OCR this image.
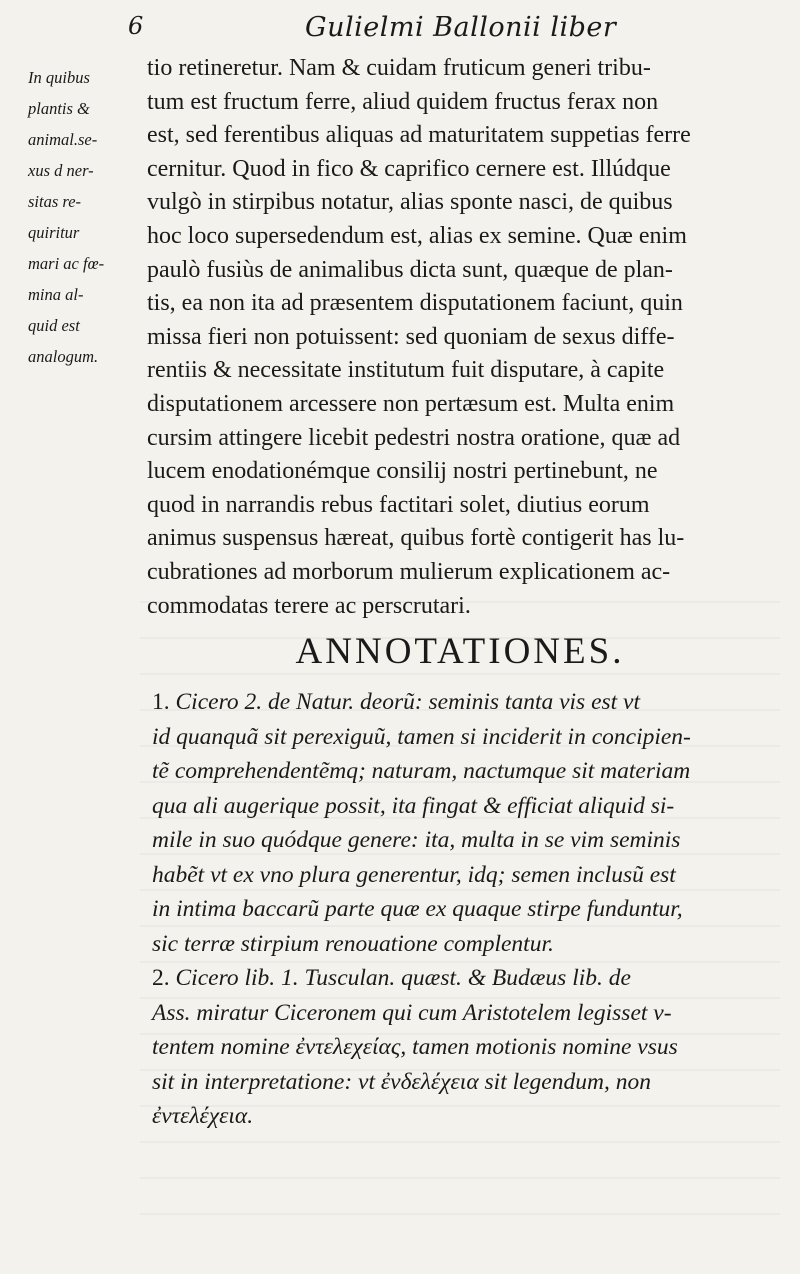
6	Gulielmi Ballonii liber
In quibus
plantis &
animal.se-
xus d ner-
sitas re-
quiritur
mari ac fœ-
mina al-
quid est
analogum.
tio retineretur. Nam & cuidam fruticum generi tribu-
tum est fructum ferre, aliud quidem fructus ferax non
est, sed ferentibus aliquas ad maturitatem suppetias ferre
cernitur. Quod in fico & caprifico cernere est. Illúdque
vulgò in stirpibus notatur, alias sponte nasci, de quibus
hoc loco supersedendum est, alias ex semine. Quæ enim
paulò fusiùs de animalibus dicta sunt, quæque de plan-
tis, ea non ita ad præsentem disputationem faciunt, quin
missa fieri non potuissent: sed quoniam de sexus diffe-
rentiis & necessitate institutum fuit disputare, à capite
disputationem arcessere non pertæsum est. Multa enim
cursim attingere licebit pedestri nostra oratione, quæ ad
lucem enodationémque consilij nostri pertinebunt, ne
quod in narrandis rebus factitari solet, diutius eorum
animus suspensus hæreat, quibus fortè contigerit has lu-
cubrationes ad morborum mulierum explicationem ac-
commodatas terere ac perscrutari.
ANNOTATIONES.
1. Cicero 2. de Natur. deorũ: seminis tanta vis est vt
id quanquã sit perexiguũ, tamen si inciderit in concipien-
tẽ comprehendentẽmq; naturam, nactumque sit materiam
qua ali augerique possit, ita fingat & efficiat aliquid si-
mile in suo quódque genere: ita, multa in se vim seminis
habẽt vt ex vno plura generentur, idq; semen inclusũ est
in intima baccarũ parte quæ ex quaque stirpe funduntur,
sic terræ stirpium renouatione complentur.
2. Cicero lib. 1. Tusculan. quæst. & Budæus lib. de
Ass. miratur Ciceronem qui cum Aristotelem legisset v-
tentem nomine ἐντελεχείας, tamen motionis nomine vsus
sit in interpretatione: vt ἐνδελέχεια sit legendum, non
ἐντελέχεια.
